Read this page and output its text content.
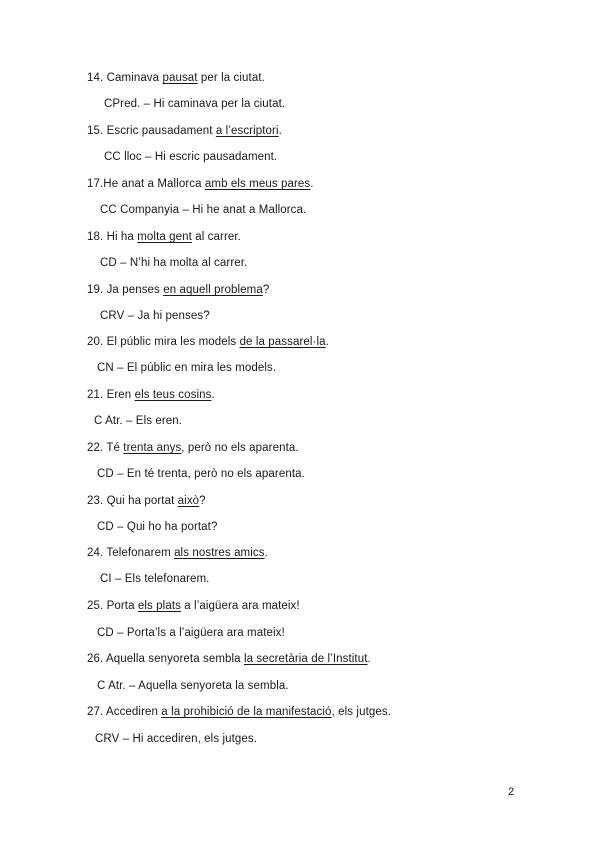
14. Caminava pausat per la ciutat.
CPred. – Hi caminava per la ciutat.
15. Escric pausadament a l’escriptori.
CC lloc – Hi escric pausadament.
17.He anat a Mallorca amb els meus pares.
CC Companyia – Hi he anat a Mallorca.
18. Hi ha molta gent al carrer.
CD – N’hi ha molta al carrer.
19. Ja penses en aquell problema?
CRV – Ja hi penses?
20. El públic mira les models de la passarel·la.
CN – El públic en mira les models.
21. Eren els teus cosins.
C Atr. – Els eren.
22. Té trenta anys, però no els aparenta.
CD – En té trenta, però no els aparenta.
23. Qui ha portat això?
CD – Qui ho ha portat?
24. Telefonarem als nostres amics.
CI – Els telefonarem.
25. Porta els plats a l’aigüera ara mateix!
CD – Porta’ls a l’aigüera ara mateix!
26. Aquella senyoreta sembla la secretària de l’Institut.
C Atr. – Aquella senyoreta la sembla.
27. Accediren a la prohibició de la manifestació, els jutges.
CRV – Hi accediren, els jutges.
2
